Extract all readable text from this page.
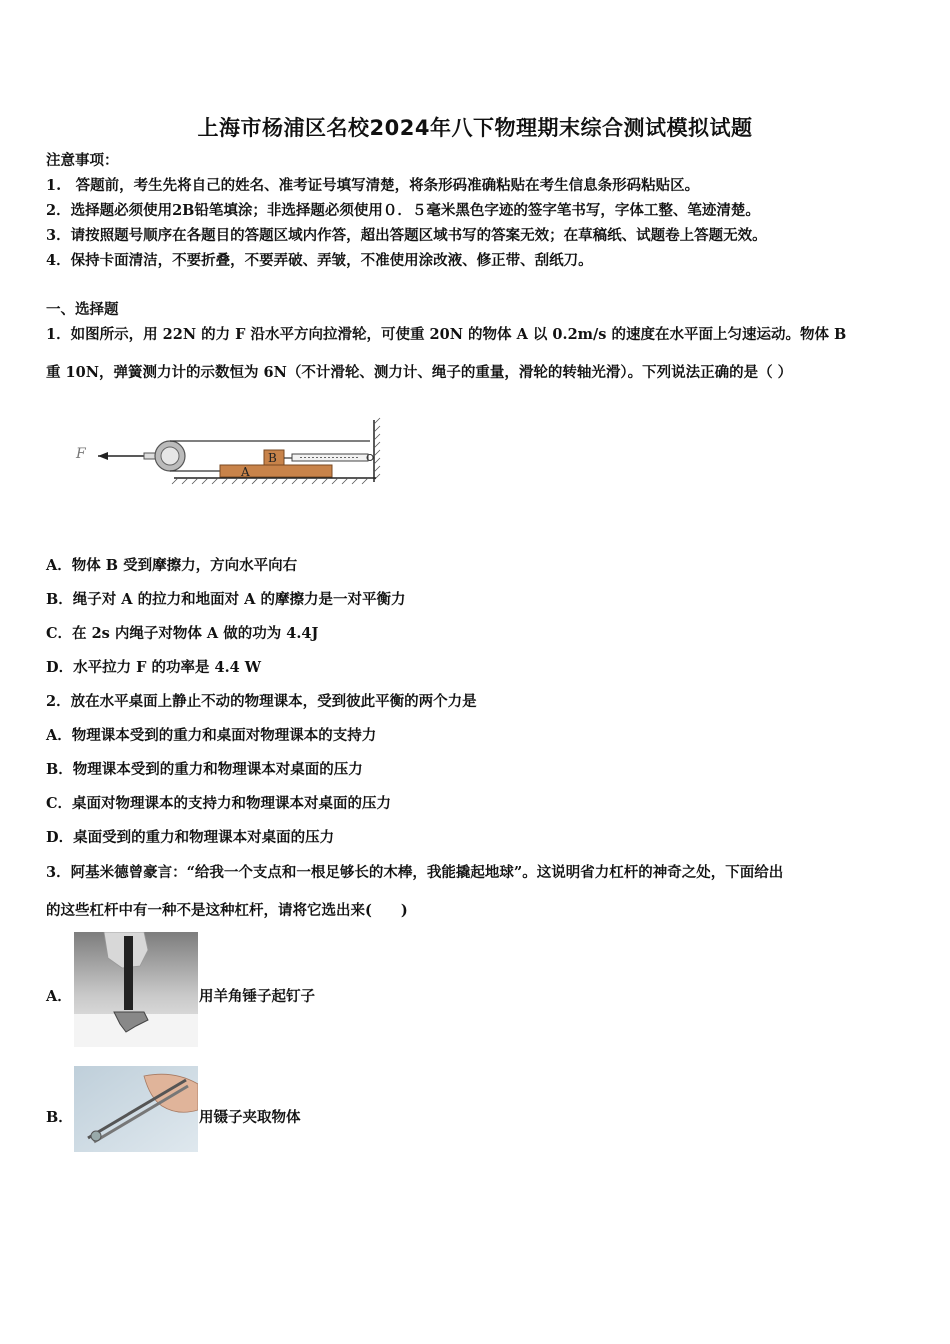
上海市杨浦区名校2024年八下物理期末综合测试模拟试题
注意事项：
1.　答题前，考生先将自己的姓名、准考证号填写清楚，将条形码准确粘贴在考生信息条形码粘贴区。
2．选择题必须使用2B铅笔填涂；非选择题必须使用０．５毫米黑色字迹的签字笔书写，字体工整、笔迹清楚。
3．请按照题号顺序在各题目的答题区域内作答，超出答题区域书写的答案无效；在草稿纸、试题卷上答题无效。
4．保持卡面清洁，不要折叠，不要弄破、弄皱，不准使用涂改液、修正带、刮纸刀。
一、选择题
1．如图所示，用 22N 的力 F 沿水平方向拉滑轮，可使重 20N 的物体 A 以 0.2m/s 的速度在水平面上匀速运动。物体 B
重 10N，弹簧测力计的示数恒为 6N（不计滑轮、测力计、绳子的重量，滑轮的转轴光滑）。下列说法正确的是（ ）
F
A
B
A．物体 B 受到摩擦力，方向水平向右
B．绳子对 A 的拉力和地面对 A 的摩擦力是一对平衡力
C．在 2s 内绳子对物体 A 做的功为 4.4J
D．水平拉力 F 的功率是 4.4 W
2．放在水平桌面上静止不动的物理课本，受到彼此平衡的两个力是
A．物理课本受到的重力和桌面对物理课本的支持力
B．物理课本受到的重力和物理课本对桌面的压力
C．桌面对物理课本的支持力和物理课本对桌面的压力
D．桌面受到的重力和物理课本对桌面的压力
3．阿基米德曾豪言：“给我一个支点和一根足够长的木棒，我能撬起地球”。这说明省力杠杆的神奇之处，下面给出
的这些杠杆中有一种不是这种杠杆，请将它选出来(　　)
A．	用羊角锤子起钉子
B．	用镊子夹取物体
